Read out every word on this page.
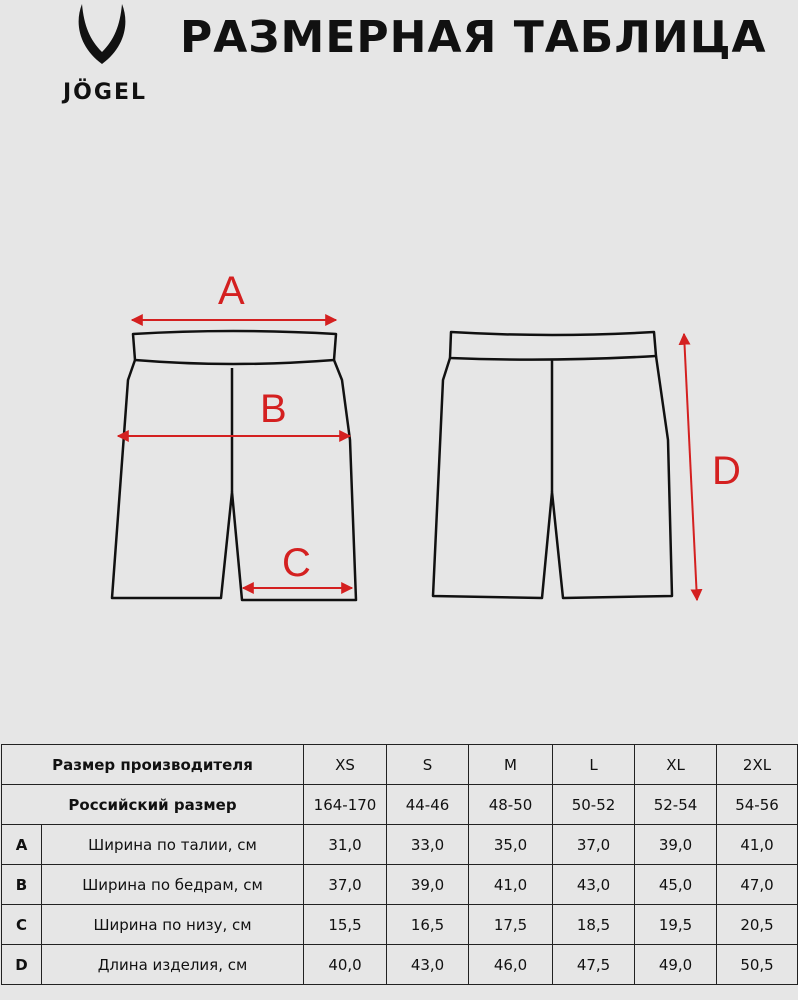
JÖGEL
РАЗМЕРНАЯ ТАБЛИЦА
A
B
C
D
Размер производителя		XS	S	M	L	XL	2XL
Российский размер		164-170	44-46	48-50	50-52	52-54	54-56
A	Ширина по талии, см	31,0	33,0	35,0	37,0	39,0	41,0
B	Ширина по бедрам, см	37,0	39,0	41,0	43,0	45,0	47,0
C	Ширина по низу, см	15,5	16,5	17,5	18,5	19,5	20,5
D	Длина изделия, см	40,0	43,0	46,0	47,5	49,0	50,5
